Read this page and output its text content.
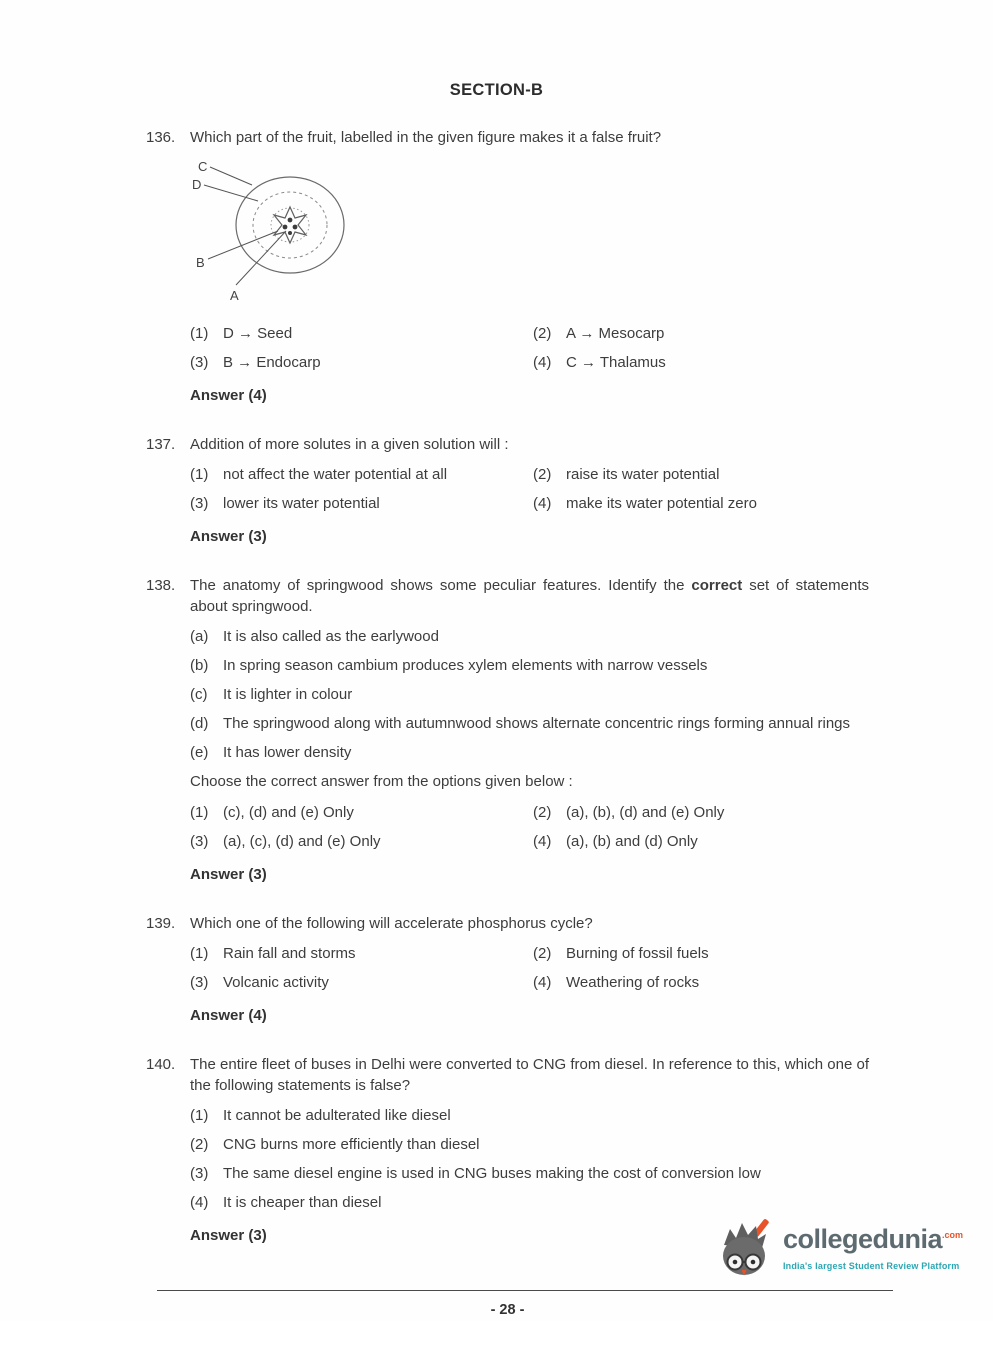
SECTION-B
136. Which part of the fruit, labelled in the given figure makes it a false fruit?
C
D
B
A
(1) D → Seed	(2) A → Mesocarp
(3) B → Endocarp	(4) C → Thalamus
Answer (4)
137. Addition of more solutes in a given solution will :
(1) not affect the water potential at all	(2) raise its water potential
(3) lower its water potential	(4) make its water potential zero
Answer (3)
138. The anatomy of springwood shows some peculiar features. Identify the correct set of statements about springwood.
(a) It is also called as the earlywood
(b) In spring season cambium produces xylem elements with narrow vessels
(c)	It is lighter in colour
(d) The springwood along with autumnwood shows alternate concentric rings forming annual rings
(e) It has lower density
Choose the correct answer from the options given below :
(1) (c), (d) and (e) Only	(2) (a), (b), (d) and (e) Only
(3) (a), (c), (d) and (e) Only	(4) (a), (b) and (d) Only
Answer (3)
139. Which one of the following will accelerate phosphorus cycle?
(1) Rain fall and storms	(2) Burning of fossil fuels
(3) Volcanic activity	(4) Weathering of rocks
Answer (4)
140. The entire fleet of buses in Delhi were converted to CNG from diesel. In reference to this, which one of the following statements is false?
(1) It cannot be adulterated like diesel
(2) CNG burns more efficiently than diesel
(3) The same diesel engine is used in CNG buses making the cost of conversion low
(4) It is cheaper than diesel
Answer (3)
- 28 -
collegedunia$^{.com}$
India's largest Student Review Platform
